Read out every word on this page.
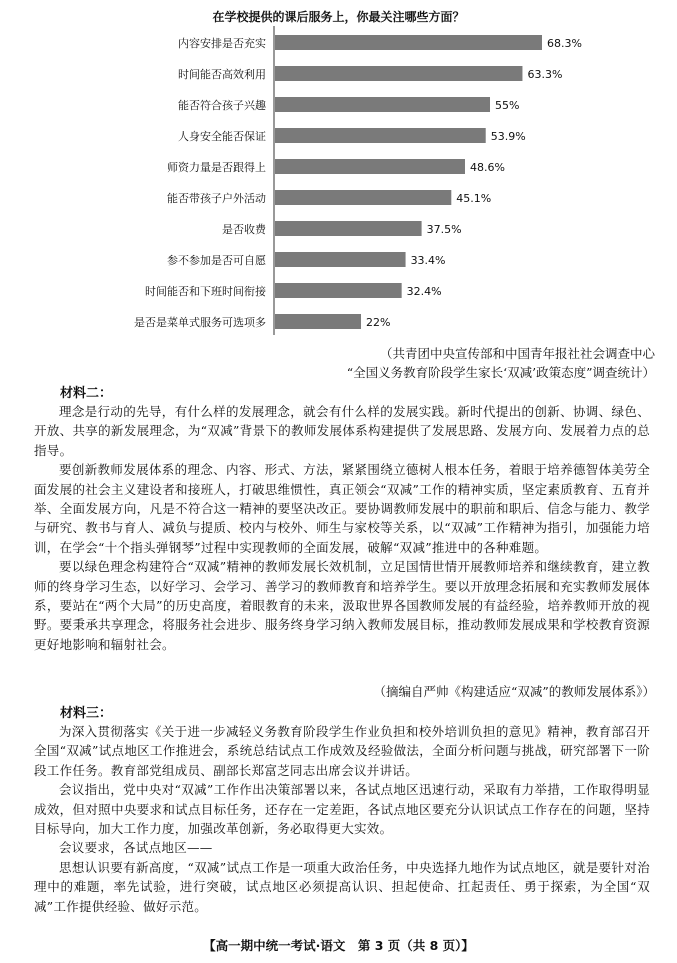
在学校提供的课后服务上，你最关注哪些方面？
内容安排是否充实	68.3%
时间能否高效利用	63.3%
能否符合孩子兴趣	55%
人身安全能否保证	53.9%
师资力量是否跟得上	48.6%
能否带孩子户外活动	45.1%
是否收费	37.5%
参不参加是否可自愿	33.4%
时间能否和下班时间衔接	32.4%
是否是菜单式服务可选项多	22%
（共青团中央宣传部和中国青年报社社会调查中心
“全国义务教育阶段学生家长‘双减’政策态度”调查统计）
材料二：

理念是行动的先导，有什么样的发展理念，就会有什么样的发展实践。新时代提出的创新、协调、绿色、开放、共享的新发展理念，为“双减”背景下的教师发展体系构建提供了发展思路、发展方向、发展着力点的总指导。

要创新教师发展体系的理念、内容、形式、方法，紧紧围绕立德树人根本任务，着眼于培养德智体美劳全面发展的社会主义建设者和接班人，打破思维惯性，真正领会“双减”工作的精神实质，坚定素质教育、五育并举、全面发展方向，凡是不符合这一精神的要坚决改正。要协调教师发展中的职前和职后、信念与能力、教学与研究、教书与育人、减负与提质、校内与校外、师生与家校等关系，以“双减”工作精神为指引，加强能力培训，在学会“十个指头弹钢琴”过程中实现教师的全面发展，破解“双减”推进中的各种难题。

要以绿色理念构建符合“双减”精神的教师发展长效机制，立足国情世情开展教师培养和继续教育，建立教师的终身学习生态，以好学习、会学习、善学习的教师教育和培养学生。要以开放理念拓展和充实教师发展体系，要站在“两个大局”的历史高度，着眼教育的未来，汲取世界各国教师发展的有益经验，培养教师开放的视野。要秉承共享理念，将服务社会进步、服务终身学习纳入教师发展目标，推动教师发展成果和学校教育资源更好地影响和辐射社会。

（摘编自严帅《构建适应“双减”的教师发展体系》）
材料三：

为深入贯彻落实《关于进一步减轻义务教育阶段学生作业负担和校外培训负担的意见》精神，教育部召开全国“双减”试点地区工作推进会，系统总结试点工作成效及经验做法，全面分析问题与挑战，研究部署下一阶段工作任务。教育部党组成员、副部长郑富芝同志出席会议并讲话。

会议指出，党中央对“双减”工作作出决策部署以来，各试点地区迅速行动，采取有力举措，工作取得明显成效，但对照中央要求和试点目标任务，还存在一定差距，各试点地区要充分认识试点工作存在的问题，坚持目标导向，加大工作力度，加强改革创新，务必取得更大实效。

会议要求，各试点地区——

思想认识要有新高度，“双减”试点工作是一项重大政治任务，中央选择九地作为试点地区，就是要针对治理中的难题，率先试验，进行突破，试点地区必须提高认识、担起使命、扛起责任、勇于探索，为全国“双减”工作提供经验、做好示范。

【高一期中统一考试·语文　第 3 页（共 8 页）】
